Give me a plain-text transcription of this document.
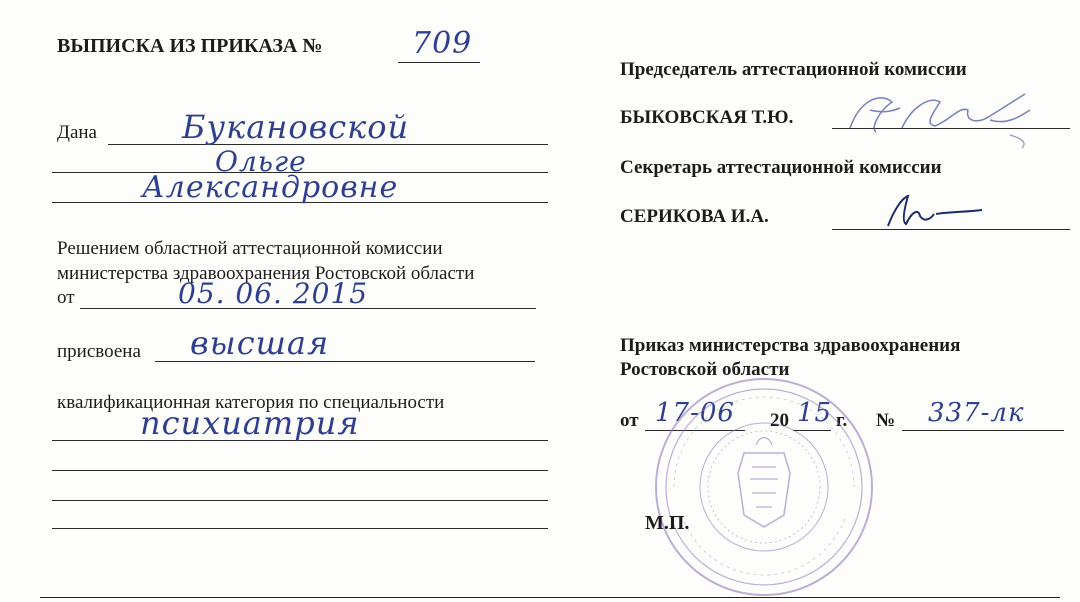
ВЫПИСКА ИЗ ПРИКАЗА №	709
Дана	Букановской
Ольге
Александровне
Решением областной аттестационной комиссии
министерства здравоохранения Ростовской области
от	05. 06. 2015
присвоена высшая
квалификационная категория по специальности
психиатрия
Председатель аттестационной комиссии
БЫКОВСКАЯ Т.Ю.
Секретарь аттестационной комиссии
СЕРИКОВА И.А.
Приказ министерства здравоохранения
Ростовской области
от 17-06 20 15 г. № 337-лк
М.П.
